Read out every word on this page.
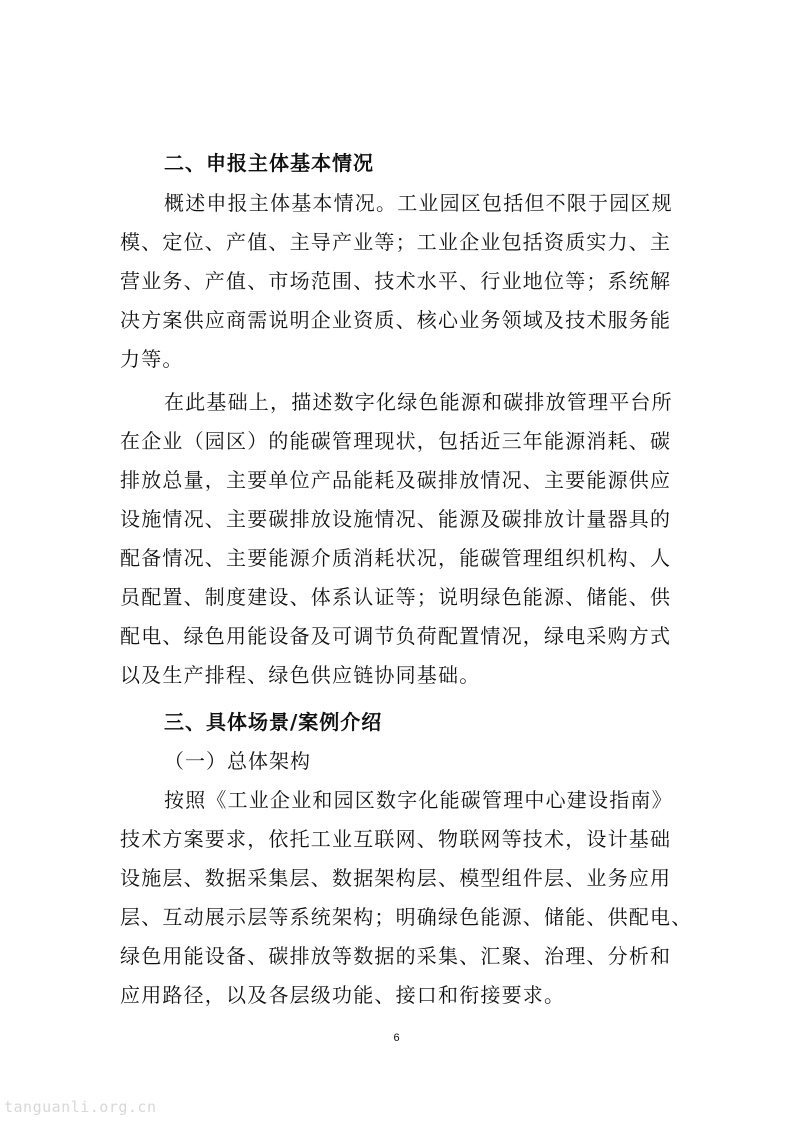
二、申报主体基本情况
概述申报主体基本情况。工业园区包括但不限于园区规
模、定位、产值、主导产业等；工业企业包括资质实力、主
营业务、产值、市场范围、技术水平、行业地位等；系统解
决方案供应商需说明企业资质、核心业务领域及技术服务能
力等。
在此基础上，描述数字化绿色能源和碳排放管理平台所
在企业（园区）的能碳管理现状，包括近三年能源消耗、碳
排放总量，主要单位产品能耗及碳排放情况、主要能源供应
设施情况、主要碳排放设施情况、能源及碳排放计量器具的
配备情况、主要能源介质消耗状况，能碳管理组织机构、人
员配置、制度建设、体系认证等；说明绿色能源、储能、供
配电、绿色用能设备及可调节负荷配置情况，绿电采购方式
以及生产排程、绿色供应链协同基础。
三、具体场景/案例介绍
（一）总体架构
按照《工业企业和园区数字化能碳管理中心建设指南》
技术方案要求，依托工业互联网、物联网等技术，设计基础
设施层、数据采集层、数据架构层、模型组件层、业务应用
层、互动展示层等系统架构；明确绿色能源、储能、供配电、
绿色用能设备、碳排放等数据的采集、汇聚、治理、分析和
应用路径，以及各层级功能、接口和衔接要求。
6
tanguanli.org.cn
